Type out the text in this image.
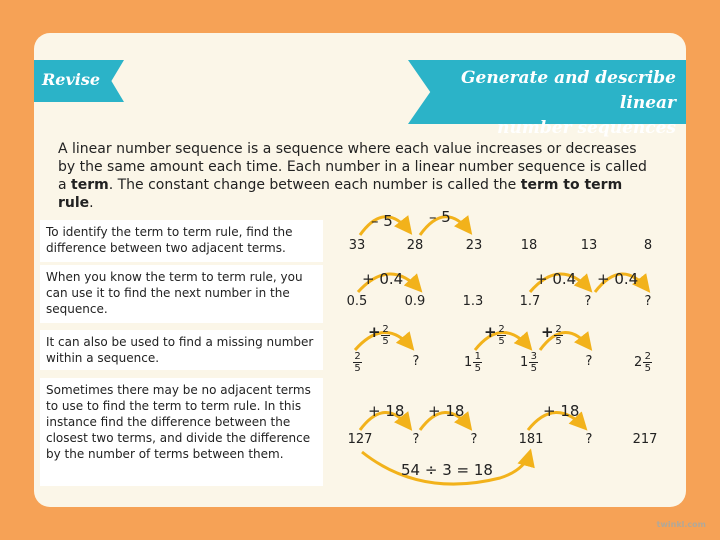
Revise	Generate and describe linear
number sequences
A linear number sequence is a sequence where each value increases or decreases by the same amount each time. Each number in a linear number sequence is called a term. The constant change between each number is called the term to term rule.
To identify the term to term rule, find the difference between two adjacent terms.
When you know the term to term rule, you can use it to find the next number in the sequence.
It can also be used to find a missing number within a sequence.
Sometimes there may be no adjacent terms to use to find the term to term rule. In this instance find the difference between the closest two terms, and divide the difference by the number of terms between them.
– 5 – 5
33	28	23	18	13	8
+ 0.4	+ 0.4 + 0.4
0.5	0.9	1.3	1.7	?	?
+ 2
5
+ 2
5
+ 2
5
2
5	?	$1 \frac{1}{5}$	$1 \frac{3}{5}$	?	$2 \frac{2}{5}$
+ 18 + 18	+ 18
127	?	?	181	?	217
54 ÷ 3 = 18
twinkl.com
